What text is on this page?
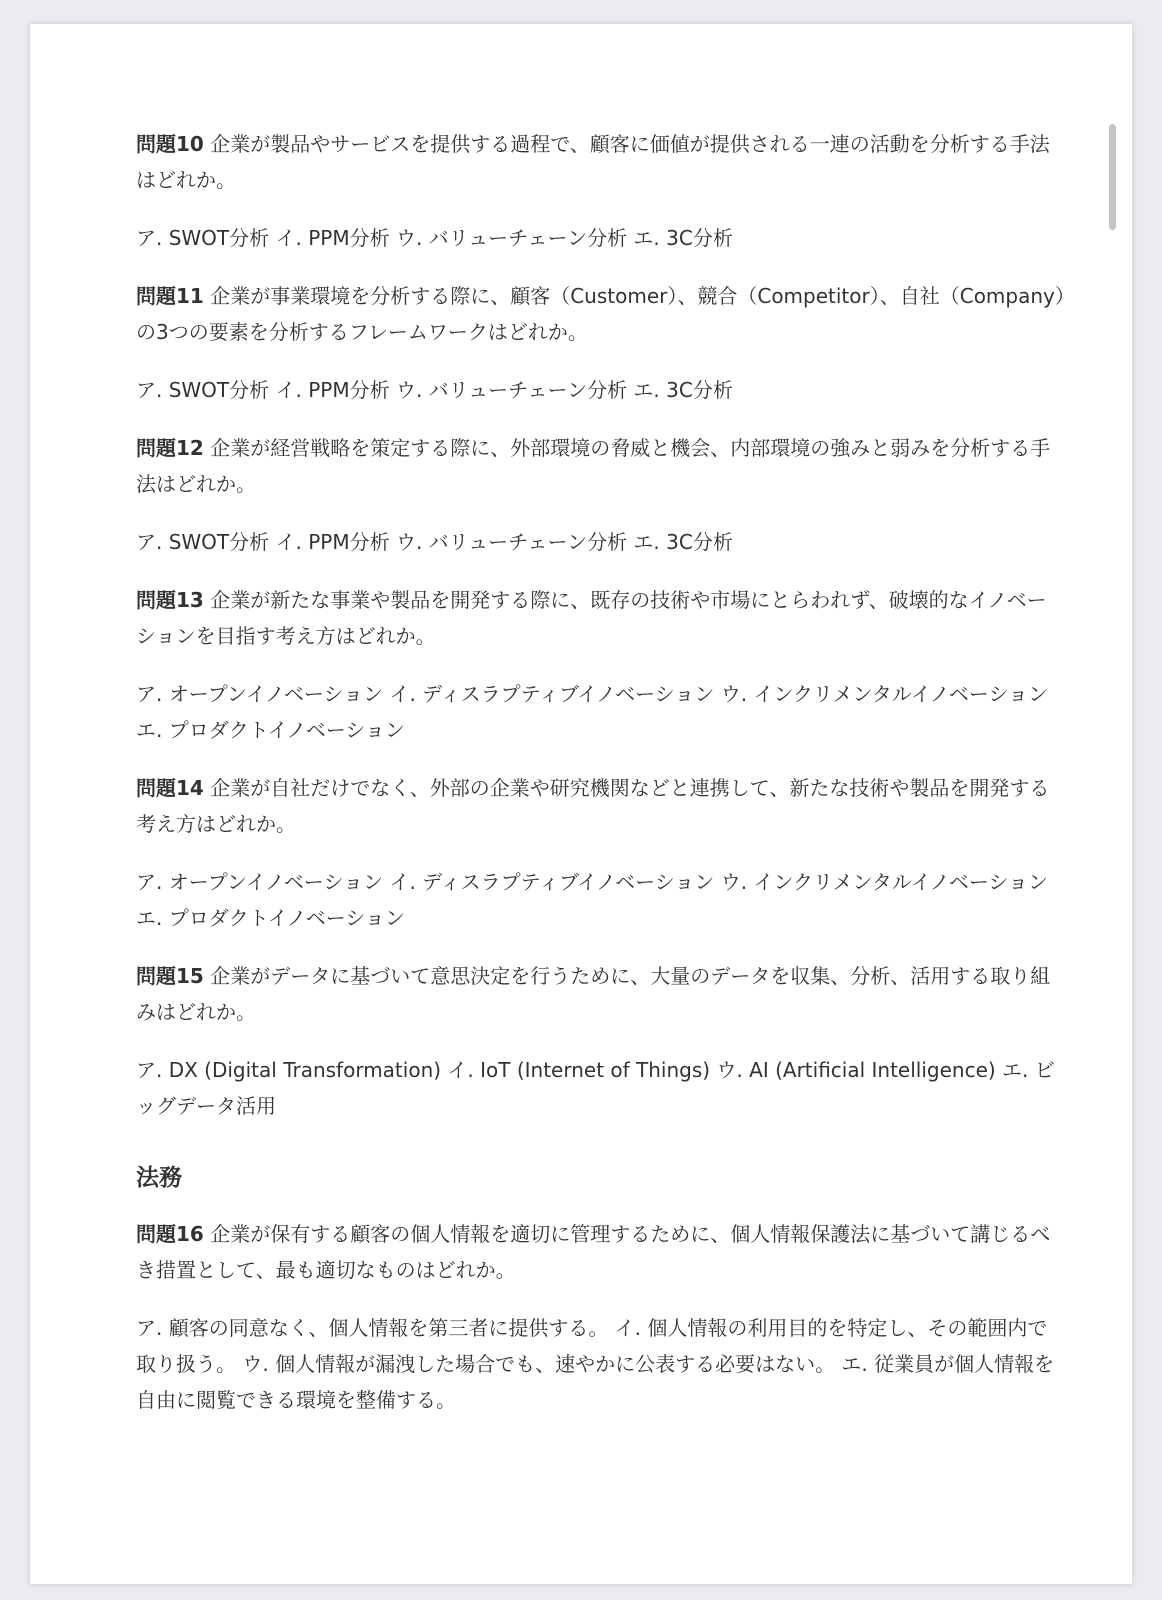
問題10 企業が製品やサービスを提供する過程で、顧客に価値が提供される一連の活動を分析する手法はどれか。

ア. SWOT分析 イ. PPM分析 ウ. バリューチェーン分析 エ. 3C分析

問題11 企業が事業環境を分析する際に、顧客（Customer）、競合（Competitor）、自社（Company）の3つの要素を分析するフレームワークはどれか。

ア. SWOT分析 イ. PPM分析 ウ. バリューチェーン分析 エ. 3C分析

問題12 企業が経営戦略を策定する際に、外部環境の脅威と機会、内部環境の強みと弱みを分析する手法はどれか。

ア. SWOT分析 イ. PPM分析 ウ. バリューチェーン分析 エ. 3C分析

問題13 企業が新たな事業や製品を開発する際に、既存の技術や市場にとらわれず、破壊的なイノベーションを目指す考え方はどれか。

ア. オープンイノベーション イ. ディスラプティブイノベーション ウ. インクリメンタルイノベーション エ. プロダクトイノベーション

問題14 企業が自社だけでなく、外部の企業や研究機関などと連携して、新たな技術や製品を開発する考え方はどれか。

ア. オープンイノベーション イ. ディスラプティブイノベーション ウ. インクリメンタルイノベーション エ. プロダクトイノベーション

問題15 企業がデータに基づいて意思決定を行うために、大量のデータを収集、分析、活用する取り組みはどれか。

ア. DX (Digital Transformation) イ. IoT (Internet of Things) ウ. AI (Artificial Intelligence) エ. ビッグデータ活用

法務

問題16 企業が保有する顧客の個人情報を適切に管理するために、個人情報保護法に基づいて講じるべき措置として、最も適切なものはどれか。

ア. 顧客の同意なく、個人情報を第三者に提供する。 イ. 個人情報の利用目的を特定し、その範囲内で取り扱う。 ウ. 個人情報が漏洩した場合でも、速やかに公表する必要はない。 エ. 従業員が個人情報を自由に閲覧できる環境を整備する。
